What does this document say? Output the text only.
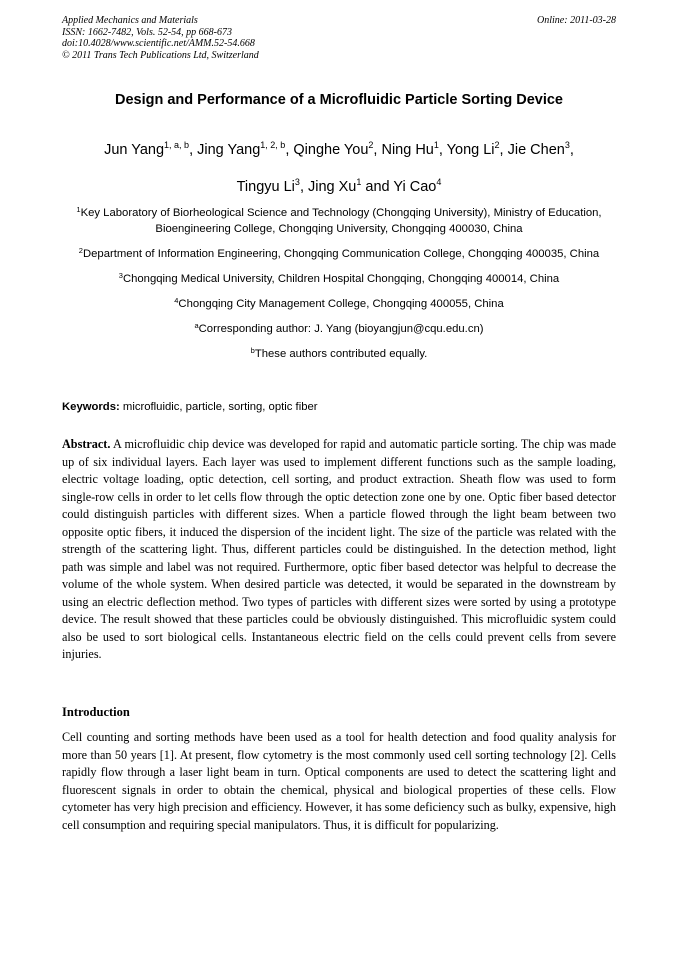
Applied Mechanics and Materials
ISSN: 1662-7482, Vols. 52-54, pp 668-673
doi:10.4028/www.scientific.net/AMM.52-54.668
© 2011 Trans Tech Publications Ltd, Switzerland
Online: 2011-03-28
Design and Performance of a Microfluidic Particle Sorting Device
Jun Yang$^{1, a, b}$, Jing Yang$^{1, 2, b}$, Qinghe You$^2$, Ning Hu$^1$, Yong Li$^2$, Jie Chen$^3$,
Tingyu Li$^3$, Jing Xu$^1$ and Yi Cao$^4$
$^1$Key Laboratory of Biorheological Science and Technology (Chongqing University), Ministry of Education, Bioengineering College, Chongqing University, Chongqing 400030, China
$^2$Department of Information Engineering, Chongqing Communication College, Chongqing 400035, China
$^3$Chongqing Medical University, Children Hospital Chongqing, Chongqing 400014, China
$^4$Chongqing City Management College, Chongqing 400055, China
$^a$Corresponding author: J. Yang (bioyangjun@cqu.edu.cn)
$^b$These authors contributed equally.
Keywords: microfluidic, particle, sorting, optic fiber
Abstract. A microfluidic chip device was developed for rapid and automatic particle sorting. The chip was made up of six individual layers. Each layer was used to implement different functions such as the sample loading, electric voltage loading, optic detection, cell sorting, and product extraction. Sheath flow was used to form single-row cells in order to let cells flow through the optic detection zone one by one. Optic fiber based detector could distinguish particles with different sizes. When a particle flowed through the light beam between two opposite optic fibers, it induced the dispersion of the incident light. The size of the particle was related with the strength of the scattering light. Thus, different particles could be distinguished. In the detection method, light path was simple and label was not required. Furthermore, optic fiber based detector was helpful to decrease the volume of the whole system. When desired particle was detected, it would be separated in the downstream by using an electric deflection method. Two types of particles with different sizes were sorted by using a prototype device. The result showed that these particles could be obviously distinguished. This microfluidic system could also be used to sort biological cells. Instantaneous electric field on the cells could prevent cells from severe injuries.
Introduction
Cell counting and sorting methods have been used as a tool for health detection and food quality analysis for more than 50 years [1]. At present, flow cytometry is the most commonly used cell sorting technology [2]. Cells rapidly flow through a laser light beam in turn. Optical components are used to detect the scattering light and fluorescent signals in order to obtain the chemical, physical and biological properties of these cells. Flow cytometer has very high precision and efficiency. However, it has some deficiency such as bulky, expensive, high cell consumption and requiring special manipulators. Thus, it is difficult for popularizing.
